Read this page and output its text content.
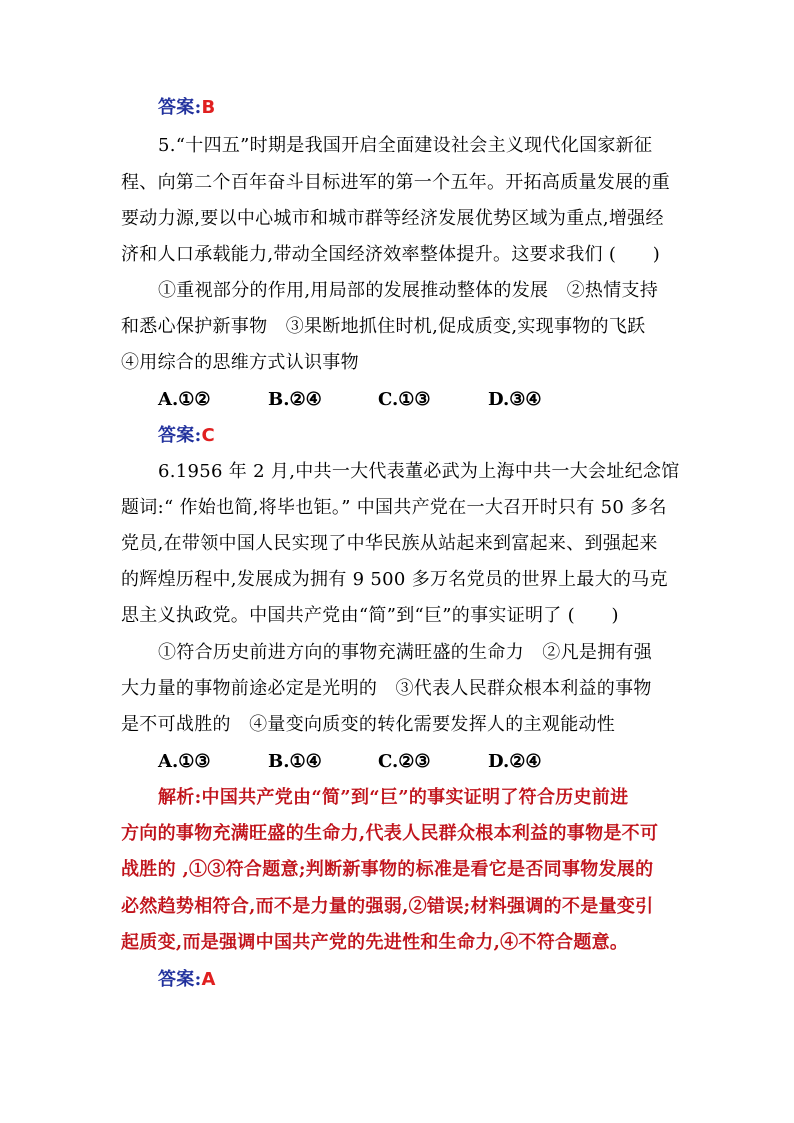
答案:B
5.“十四五”时期是我国开启全面建设社会主义现代化国家新征
程、向第二个百年奋斗目标进军的第一个五年。开拓高质量发展的重
要动力源,要以中心城市和城市群等经济发展优势区域为重点,增强经
济和人口承载能力,带动全国经济效率整体提升。这要求我们 (　　)
①重视部分的作用,用局部的发展推动整体的发展　②热情支持
和悉心保护新事物　③果断地抓住时机,促成质变,实现事物的飞跃
④用综合的思维方式认识事物
A.①②	B.②④	C.①③	D.③④
答案:C
6.1956 年 2 月,中共一大代表董必武为上海中共一大会址纪念馆
题词:“ 作始也简,将毕也钜。” 中国共产党在一大召开时只有 50 多名
党员,在带领中国人民实现了中华民族从站起来到富起来、到强起来
的辉煌历程中,发展成为拥有 9 500 多万名党员的世界上最大的马克
思主义执政党。中国共产党由“简”到“巨”的事实证明了 (　　)
①符合历史前进方向的事物充满旺盛的生命力　②凡是拥有强
大力量的事物前途必定是光明的　③代表人民群众根本利益的事物
是不可战胜的　④量变向质变的转化需要发挥人的主观能动性
A.①③	B.①④	C.②③	D.②④
解析:中国共产党由“简”到“巨”的事实证明了符合历史前进
方向的事物充满旺盛的生命力,代表人民群众根本利益的事物是不可
战胜的 ,①③符合题意;判断新事物的标准是看它是否同事物发展的
必然趋势相符合,而不是力量的强弱,②错误;材料强调的不是量变引
起质变,而是强调中国共产党的先进性和生命力,④不符合题意。
答案:A
